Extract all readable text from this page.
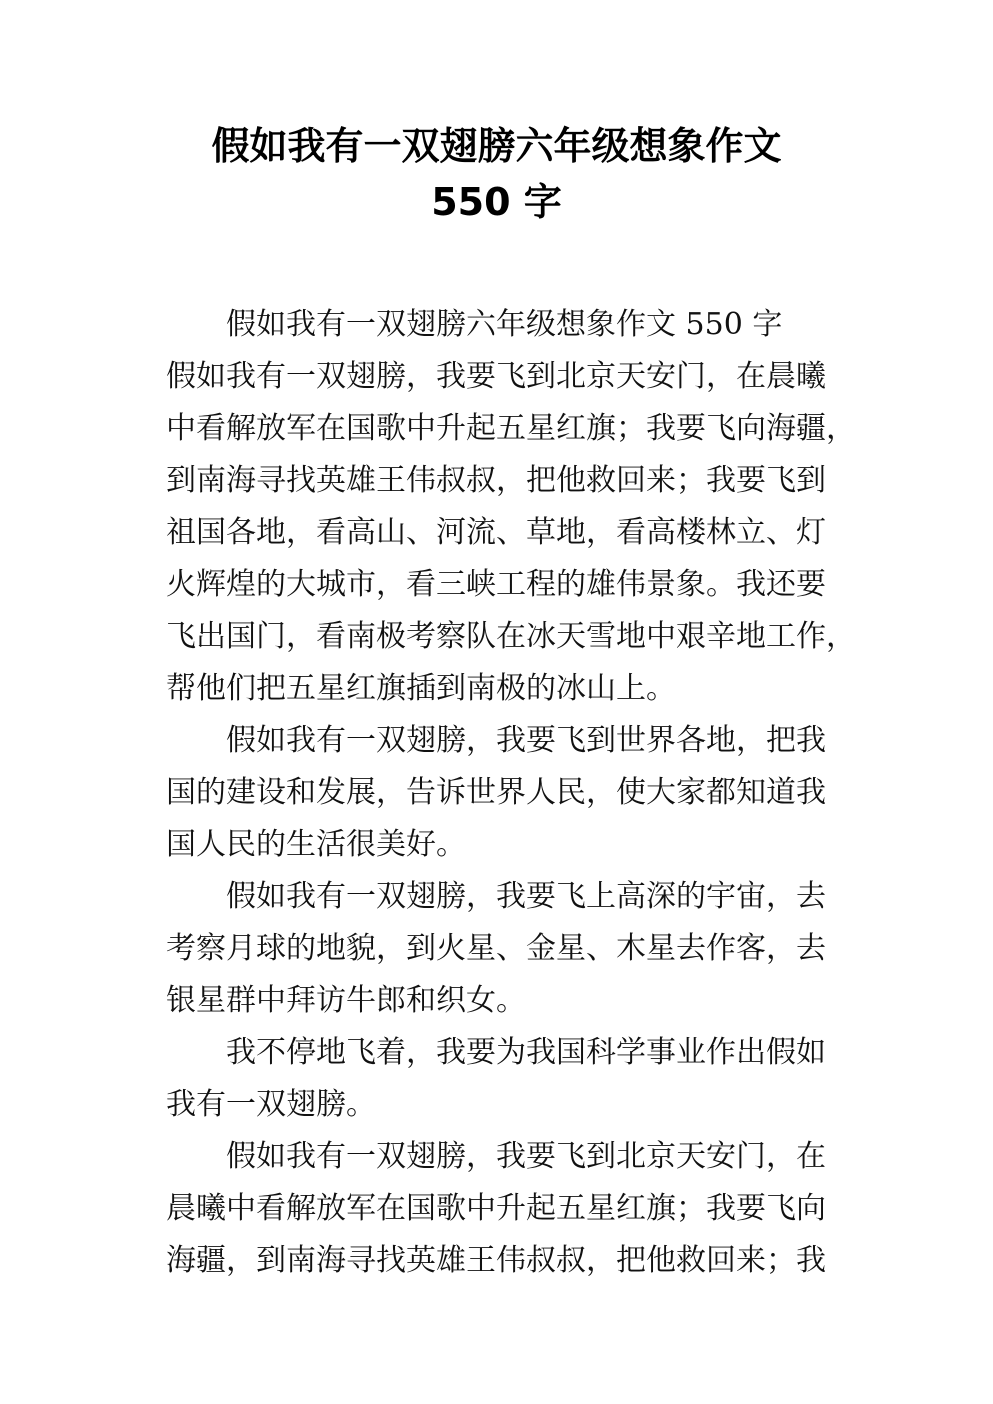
假如我有一双翅膀六年级想象作文
550 字
假如我有一双翅膀六年级想象作文 550 字
假如我有一双翅膀，我要飞到北京天安门，在晨曦
中看解放军在国歌中升起五星红旗；我要飞向海疆，
到南海寻找英雄王伟叔叔，把他救回来；我要飞到
祖国各地，看高山、河流、草地，看高楼林立、灯
火辉煌的大城市，看三峡工程的雄伟景象。我还要
飞出国门，看南极考察队在冰天雪地中艰辛地工作，
帮他们把五星红旗插到南极的冰山上。
假如我有一双翅膀，我要飞到世界各地，把我
国的建设和发展，告诉世界人民，使大家都知道我
国人民的生活很美好。
假如我有一双翅膀，我要飞上高深的宇宙，去
考察月球的地貌，到火星、金星、木星去作客，去
银星群中拜访牛郎和织女。
我不停地飞着，我要为我国科学事业作出假如
我有一双翅膀。
假如我有一双翅膀，我要飞到北京天安门，在
晨曦中看解放军在国歌中升起五星红旗；我要飞向
海疆，到南海寻找英雄王伟叔叔，把他救回来；我
